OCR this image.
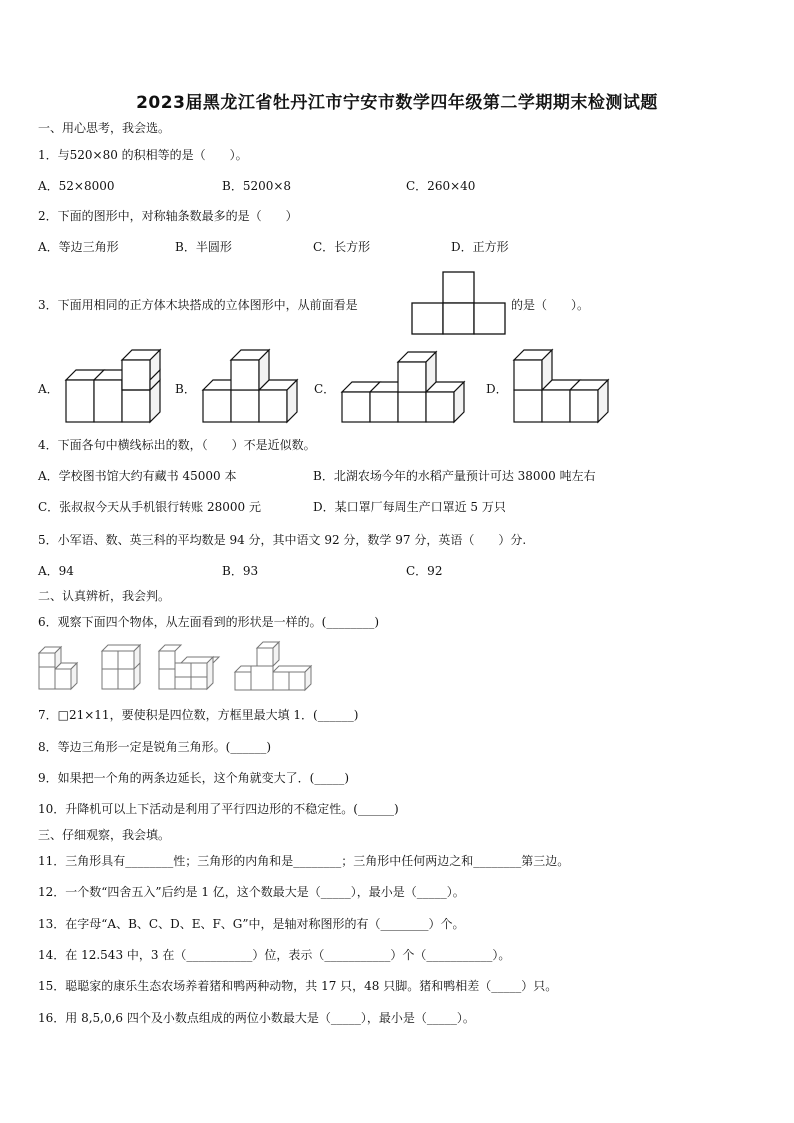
2023届黑龙江省牡丹江市宁安市数学四年级第二学期期末检测试题
一、用心思考，我会选。
1．与520×80 的积相等的是（　　）。
A．52×8000	B．5200×8	C．260×40
2．下面的图形中，对称轴条数最多的是（　　）
A．等边三角形	B．半圆形	C．长方形	D．正方形
3．下面用相同的正方体木块搭成的立体图形中，从前面看是	的是（　　）。
A．	B．	C．	D．
4．下面各句中横线标出的数，（　　）不是近似数。
A．学校图书馆大约有藏书 45000 本	B．北湖农场今年的水稻产量预计可达 38000 吨左右
C．张叔叔今天从手机银行转账 28000 元	D．某口罩厂每周生产口罩近 5 万只
5．小军语、数、英三科的平均数是 94 分，其中语文 92 分，数学 97 分，英语（　　）分.
A．94	B．93	C．92
二、认真辨析，我会判。
6．观察下面四个物体，从左面看到的形状是一样的。(________)
7．□21×11，要使积是四位数，方框里最大填 1．(______)
8．等边三角形一定是锐角三角形。(______)
9．如果把一个角的两条边延长，这个角就变大了．(_____)
10．升降机可以上下活动是利用了平行四边形的不稳定性。(______)
三、仔细观察，我会填。
11．三角形具有________性；三角形的内角和是________；三角形中任何两边之和________第三边。
12．一个数“四舍五入”后约是 1 亿，这个数最大是（_____），最小是（_____）。
13．在字母“A、B、C、D、E、F、G”中，是轴对称图形的有（________）个。
14．在 12.543 中，3 在（___________）位，表示（___________）个（___________）。
15．聪聪家的康乐生态农场养着猪和鸭两种动物，共 17 只，48 只脚。猪和鸭相差（_____）只。
16．用 8,5,0,6 四个及小数点组成的两位小数最大是（_____），最小是（_____）。
